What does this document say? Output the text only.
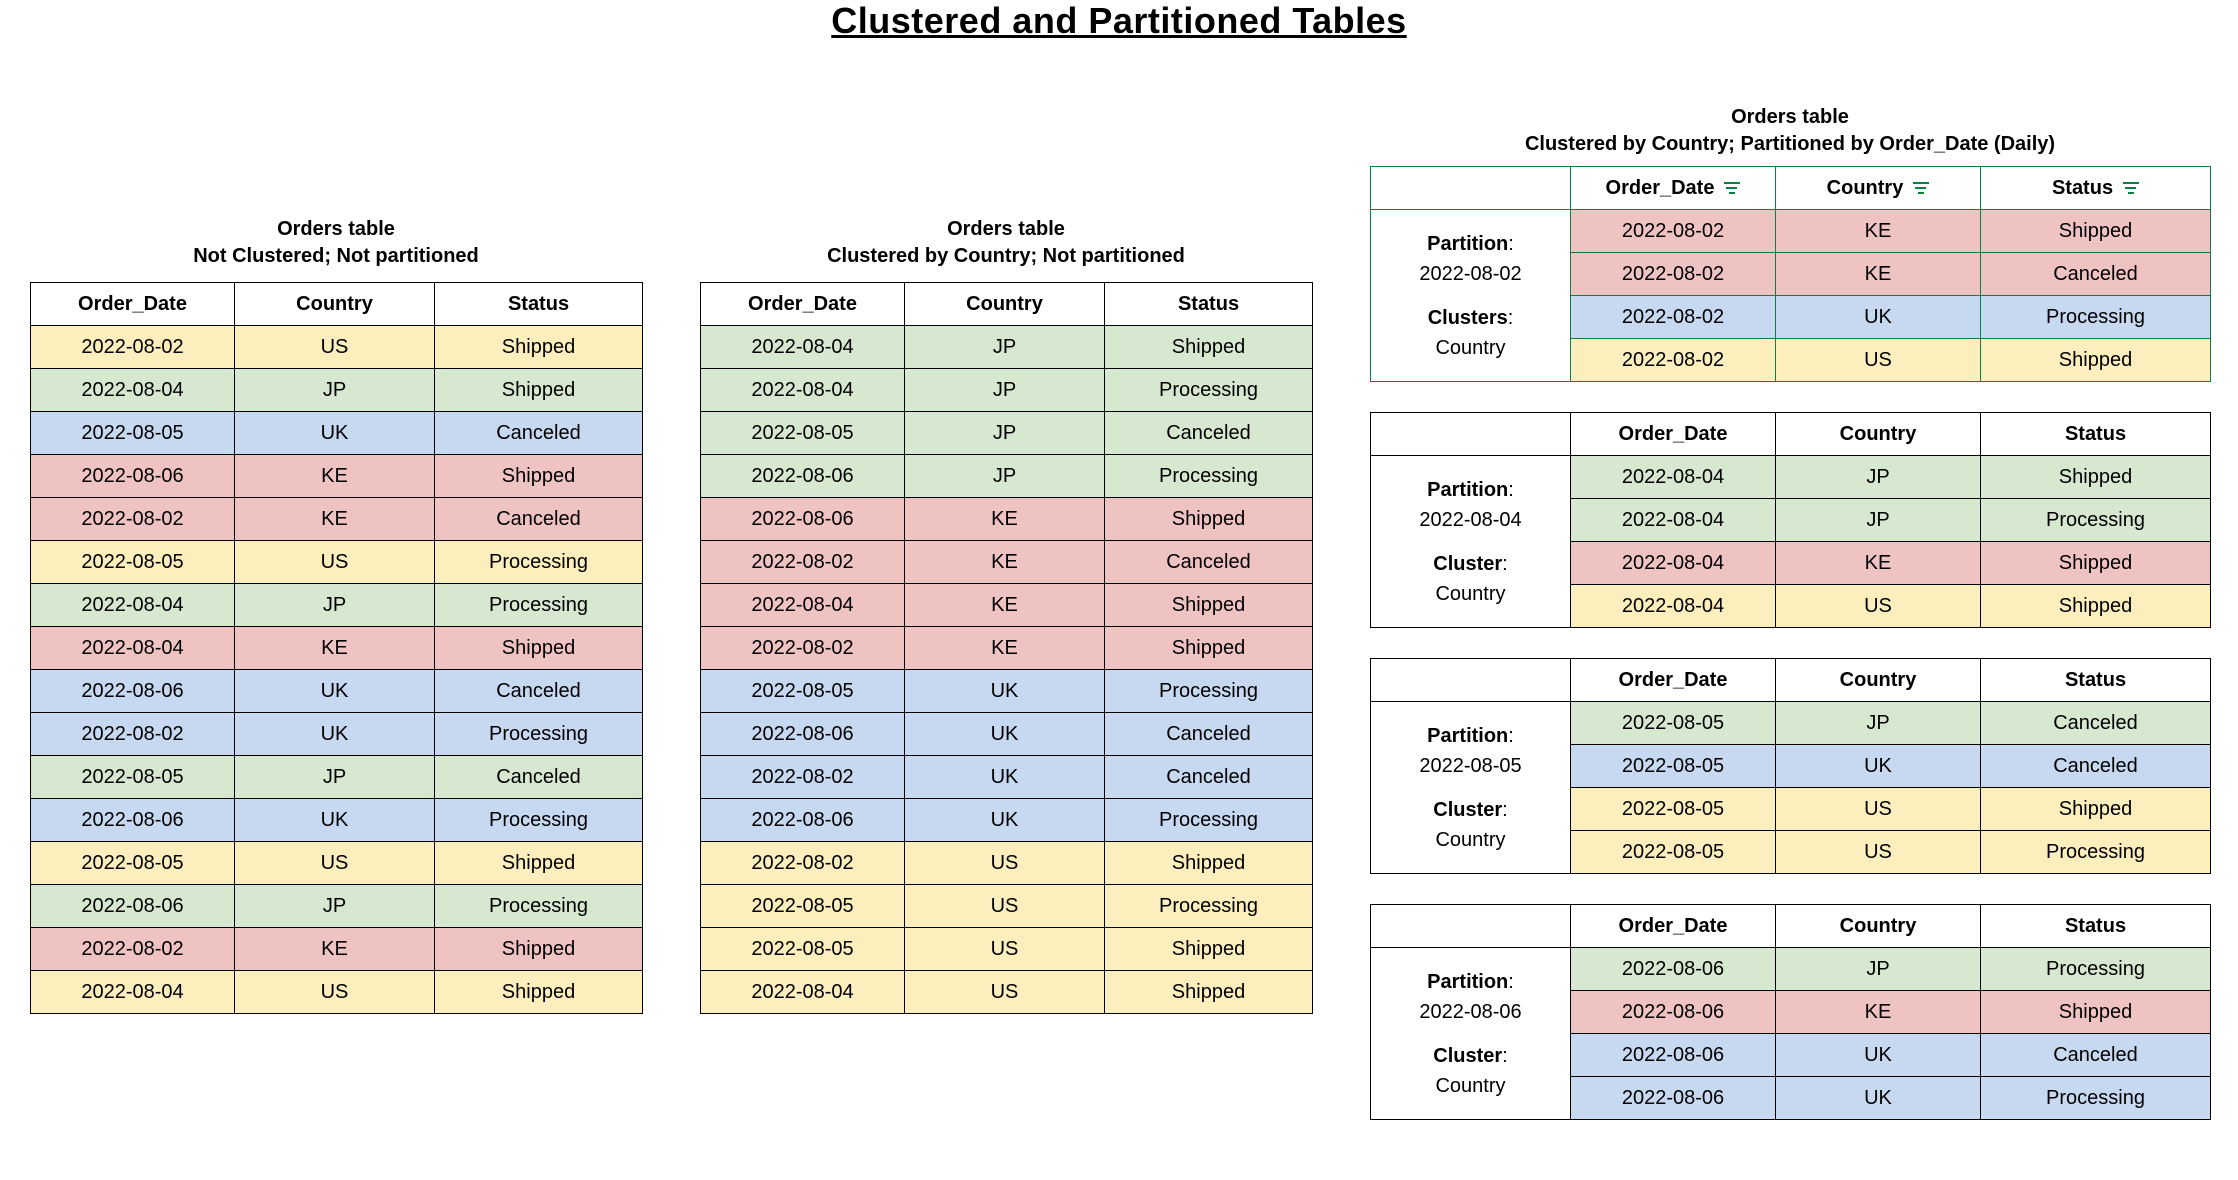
Clustered and Partitioned Tables
Orders table
Not Clustered; Not partitioned
Order_Date	Country	Status
2022-08-02	US	Shipped
2022-08-04	JP	Shipped
2022-08-05	UK	Canceled
2022-08-06	KE	Shipped
2022-08-02	KE	Canceled
2022-08-05	US	Processing
2022-08-04	JP	Processing
2022-08-04	KE	Shipped
2022-08-06	UK	Canceled
2022-08-02	UK	Processing
2022-08-05	JP	Canceled
2022-08-06	UK	Processing
2022-08-05	US	Shipped
2022-08-06	JP	Processing
2022-08-02	KE	Shipped
2022-08-04	US	Shipped
Orders table
Clustered by Country; Not partitioned
Order_Date	Country	Status
2022-08-04	JP	Shipped
2022-08-04	JP	Processing
2022-08-05	JP	Canceled
2022-08-06	JP	Processing
2022-08-06	KE	Shipped
2022-08-02	KE	Canceled
2022-08-04	KE	Shipped
2022-08-02	KE	Shipped
2022-08-05	UK	Processing
2022-08-06	UK	Canceled
2022-08-02	UK	Canceled
2022-08-06	UK	Processing
2022-08-02	US	Shipped
2022-08-05	US	Processing
2022-08-05	US	Shipped
2022-08-04	US	Shipped
Orders table
Clustered by Country; Partitioned by Order_Date (Daily)

	Order_Date	Country	Status

Partition:
2022-08-02
Clusters:
Country	2022-08-02	KE	Shipped
	2022-08-02	KE	Canceled
	2022-08-02	UK	Processing
	2022-08-02	US	Shipped

	Order_Date	Country	Status

Partition:
2022-08-04
Cluster:
Country	2022-08-04	JP	Shipped
	2022-08-04	JP	Processing
	2022-08-04	KE	Shipped
	2022-08-04	US	Shipped

	Order_Date	Country	Status

Partition:
2022-08-05
Cluster:
Country	2022-08-05	JP	Canceled
	2022-08-05	UK	Canceled
	2022-08-05	US	Shipped
	2022-08-05	US	Processing

	Order_Date	Country	Status

Partition:
2022-08-06
Cluster:
Country	2022-08-06	JP	Processing
	2022-08-06	KE	Shipped
	2022-08-06	UK	Canceled
	2022-08-06	UK	Processing
